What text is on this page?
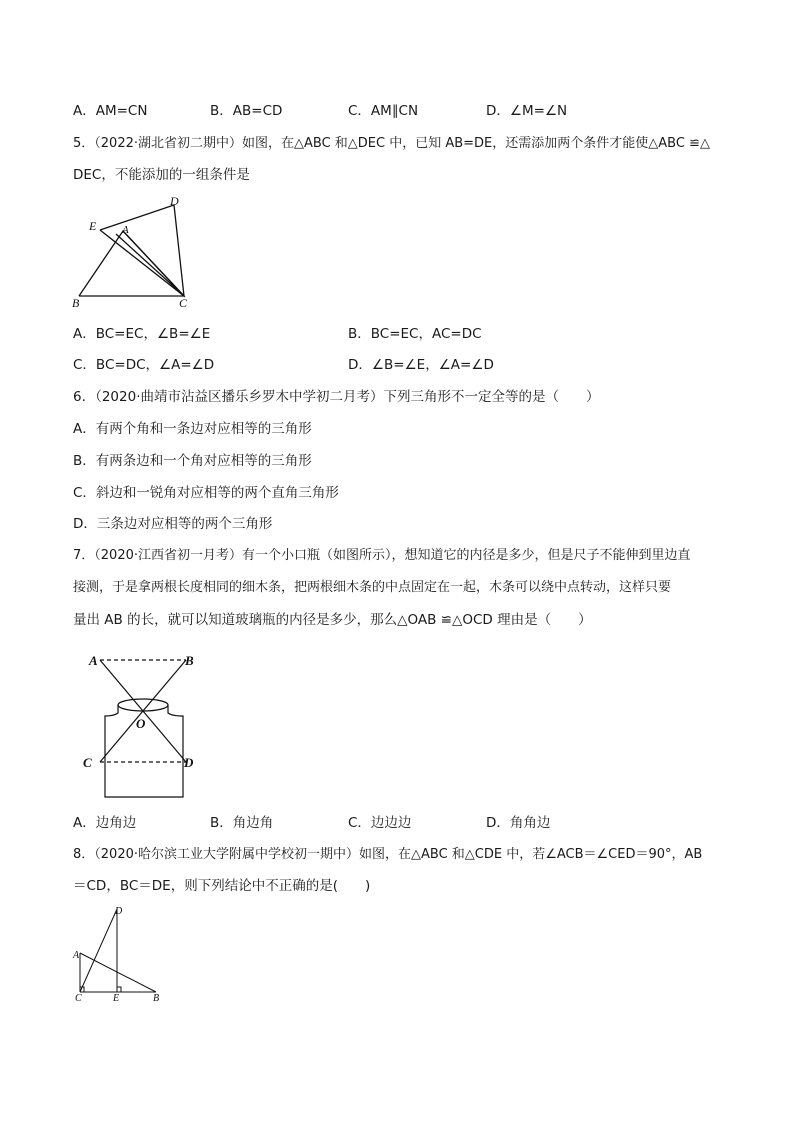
A．AM=CN	B．AB=CD	C．AM∥CN	D．∠M=∠N
5．（2022·湖北省初二期中）如图，在△ABC 和△DEC 中，已知 AB=DE，还需添加两个条件才能使△ABC ≌△
DEC，不能添加的一组条件是
D
E A
B	C
A．BC=EC，∠B=∠E	B．BC=EC，AC=DC
C．BC=DC，∠A=∠D	D．∠B=∠E，∠A=∠D
6．（2020·曲靖市沾益区播乐乡罗木中学初二月考）下列三角形不一定全等的是（　　）
A．有两个角和一条边对应相等的三角形
B．有两条边和一个角对应相等的三角形
C．斜边和一锐角对应相等的两个直角三角形
D．三条边对应相等的两个三角形
7．（2020·江西省初一月考）有一个小口瓶（如图所示），想知道它的内径是多少，但是尺子不能伸到里边直
接测，于是拿两根长度相同的细木条，把两根细木条的中点固定在一起，木条可以绕中点转动，这样只要
量出 AB 的长，就可以知道玻璃瓶的内径是多少，那么△OAB ≌△OCD 理由是（　　）
A	B
O
C	D
A．边角边	B．角边角	C．边边边	D．角角边
8．（2020·哈尔滨工业大学附属中学校初一期中）如图，在△ABC 和△CDE 中，若∠ACB＝∠CED＝90°，AB
＝CD，BC＝DE，则下列结论中不正确的是(　　)
D
A
C	E	B
